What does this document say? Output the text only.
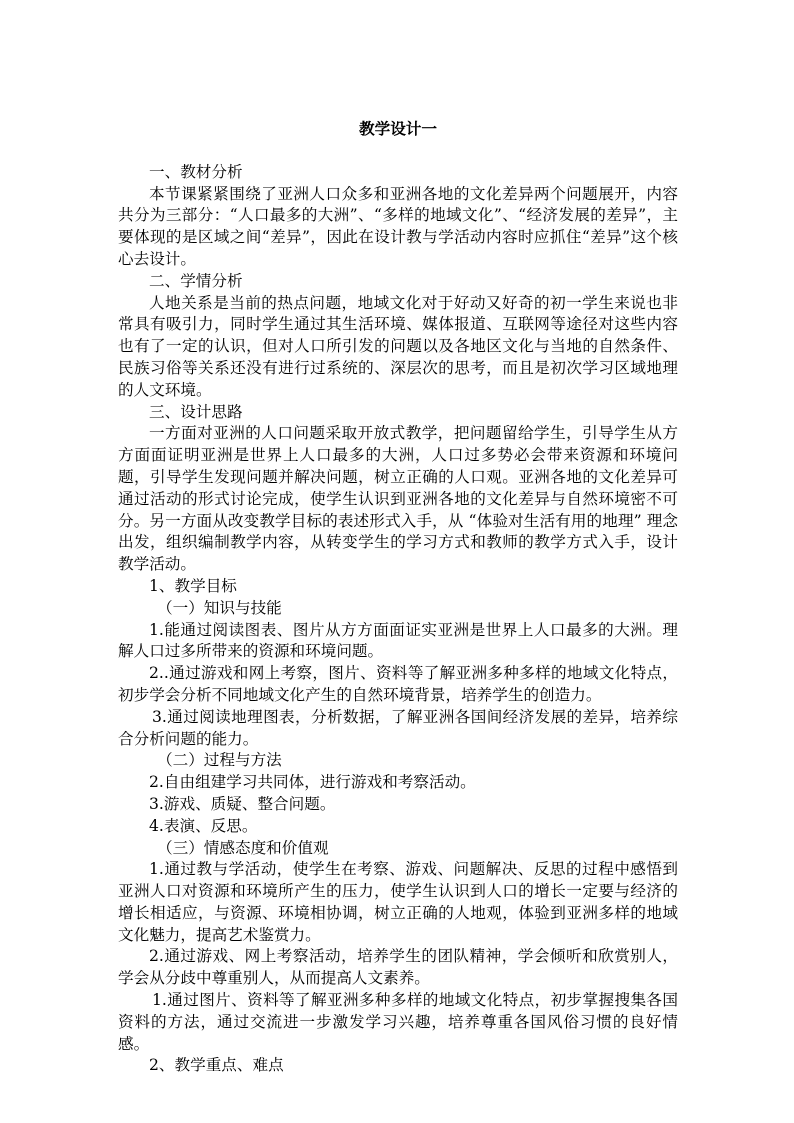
教学设计一

一、教材分析

本节课紧紧围绕了亚洲人口众多和亚洲各地的文化差异两个问题展开，内容共分为三部分：“人口最多的大洲”、“多样的地域文化”、“经济发展的差异”，主要体现的是区域之间“差异”，因此在设计教与学活动内容时应抓住“差异”这个核心去设计。

二、学情分析

人地关系是当前的热点问题，地域文化对于好动又好奇的初一学生来说也非常具有吸引力，同时学生通过其生活环境、媒体报道、互联网等途径对这些内容也有了一定的认识，但对人口所引发的问题以及各地区文化与当地的自然条件、民族习俗等关系还没有进行过系统的、深层次的思考，而且是初次学习区域地理的人文环境。

三、设计思路

一方面对亚洲的人口问题采取开放式教学，把问题留给学生，引导学生从方方面面证明亚洲是世界上人口最多的大洲，人口过多势必会带来资源和环境问题，引导学生发现问题并解决问题，树立正确的人口观。亚洲各地的文化差异可通过活动的形式讨论完成，使学生认识到亚洲各地的文化差异与自然环境密不可分。另一方面从改变教学目标的表述形式入手，从 “体验对生活有用的地理” 理念出发，组织编制教学内容，从转变学生的学习方式和教师的教学方式入手，设计教学活动。

1、教学目标

（一）知识与技能

1.能通过阅读图表、图片从方方面面证实亚洲是世界上人口最多的大洲。理解人口过多所带来的资源和环境问题。

2..通过游戏和网上考察，图片、资料等了解亚洲多种多样的地域文化特点，初步学会分析不同地域文化产生的自然环境背景，培养学生的创造力。

3.通过阅读地理图表，分析数据，了解亚洲各国间经济发展的差异，培养综合分析问题的能力。

（二）过程与方法

2.自由组建学习共同体，进行游戏和考察活动。

3.游戏、质疑、整合问题。

4.表演、反思。

（三）情感态度和价值观

1.通过教与学活动，使学生在考察、游戏、问题解决、反思的过程中感悟到亚洲人口对资源和环境所产生的压力，使学生认识到人口的增长一定要与经济的增长相适应，与资源、环境相协调，树立正确的人地观，体验到亚洲多样的地域文化魅力，提高艺术鉴赏力。

2.通过游戏、网上考察活动，培养学生的团队精神，学会倾听和欣赏别人，学会从分歧中尊重别人，从而提高人文素养。

1.通过图片、资料等了解亚洲多种多样的地域文化特点，初步掌握搜集各国资料的方法，通过交流进一步激发学习兴趣，培养尊重各国风俗习惯的良好情感。

2、教学重点、难点
